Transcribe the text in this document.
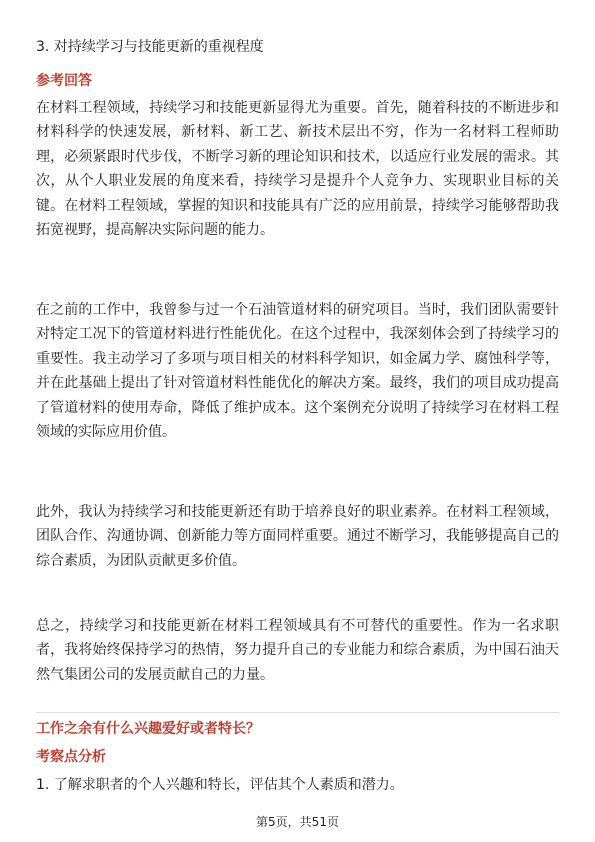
3. 对持续学习与技能更新的重视程度
参考回答

在材料工程领域，持续学习和技能更新显得尤为重要。首先，随着科技的不断进步和材料科学的快速发展，新材料、新工艺、新技术层出不穷，作为一名材料工程师助理，必须紧跟时代步伐，不断学习新的理论知识和技术，以适应行业发展的需求。其次，从个人职业发展的角度来看，持续学习是提升个人竞争力、实现职业目标的关键。在材料工程领域，掌握的知识和技能具有广泛的应用前景，持续学习能够帮助我拓宽视野，提高解决实际问题的能力。

在之前的工作中，我曾参与过一个石油管道材料的研究项目。当时，我们团队需要针对特定工况下的管道材料进行性能优化。在这个过程中，我深刻体会到了持续学习的重要性。我主动学习了多项与项目相关的材料科学知识，如金属力学、腐蚀科学等，并在此基础上提出了针对管道材料性能优化的解决方案。最终，我们的项目成功提高了管道材料的使用寿命，降低了维护成本。这个案例充分说明了持续学习在材料工程领域的实际应用价值。

此外，我认为持续学习和技能更新还有助于培养良好的职业素养。在材料工程领域，团队合作、沟通协调、创新能力等方面同样重要。通过不断学习，我能够提高自己的综合素质，为团队贡献更多价值。

总之，持续学习和技能更新在材料工程领域具有不可替代的重要性。作为一名求职者，我将始终保持学习的热情，努力提升自己的专业能力和综合素质，为中国石油天然气集团公司的发展贡献自己的力量。

工作之余有什么兴趣爱好或者特长？
考察点分析
1. 了解求职者的个人兴趣和特长，评估其个人素质和潜力。
第5页，共51页
